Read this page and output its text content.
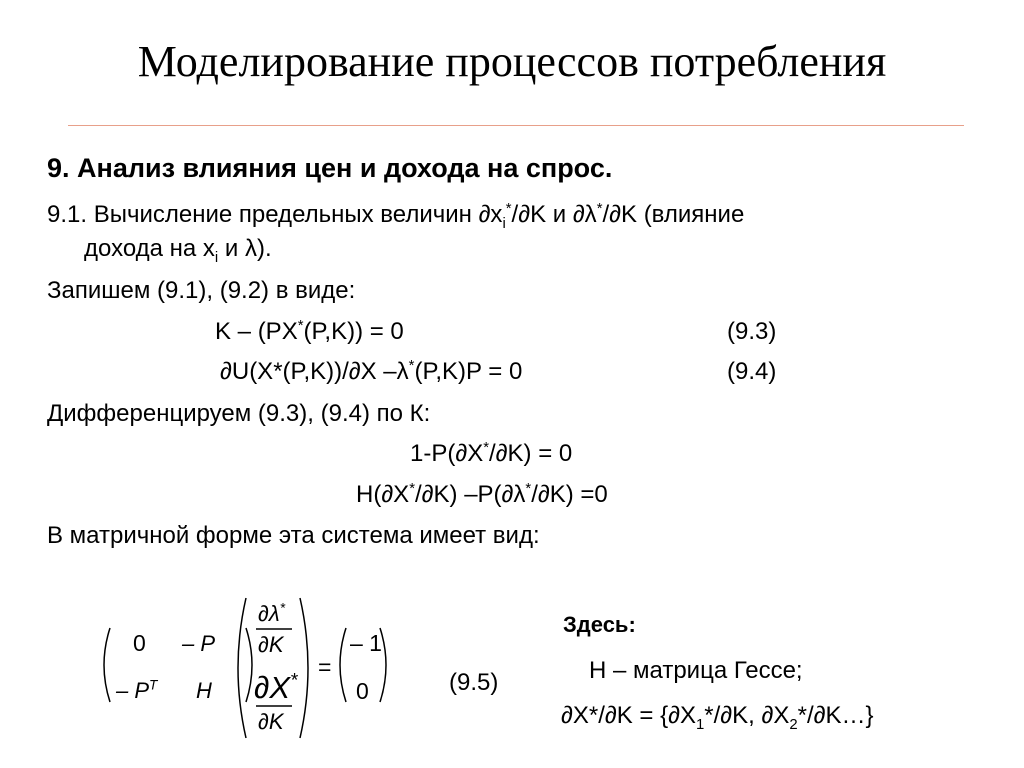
Моделирование процессов потребления
9. Анализ влияния цен и дохода на спрос.
9.1. Вычисление предельных величин $\partial x_i^*/\partial K$ и ∂λ*/∂K (влияние
дохода на $x_i$ и λ).
Запишем (9.1), (9.2) в виде:
K – (PX*(P,K)) = 0	(9.3)
∂U(X*(P,K))/∂X –λ*(P,K)P = 0	(9.4)
Дифференцируем (9.3), (9.4) по К:
1-P(∂X*/∂K) = 0
H(∂X*/∂K) –P(∂λ*/∂K) =0
В матричной форме эта система имеет вид:
0 – P
– $P^T$ H
∂λ*
∂K
∂X*
∂K
=
– 1
0	(9.5)
Здесь:
H – матрица Гессе;
$\partial X*/\partial K = \{\partial X_1*/\partial K$, $\partial X_2*/\partial K\dots$}
